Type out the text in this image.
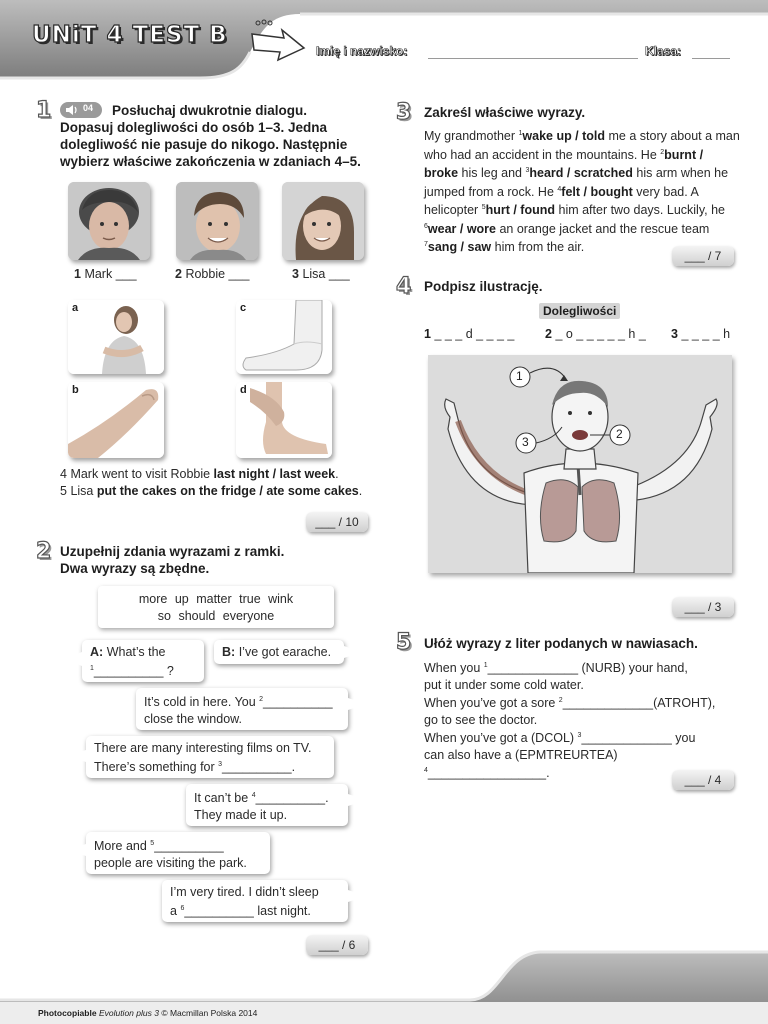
UNiT 4 TEST B
Imię i nazwisko:	Klasa:
1	04 Posłuchaj dwukrotnie dialogu.
Dopasuj dolegliwości do osób 1–3. Jedna
dolegliwość nie pasuje do nikogo. Następnie
wybierz właściwe zakończenia w zdaniach 4–5.
1 Mark ___	2 Robbie ___	3 Lisa ___
a	c
b	d
4 Mark went to visit Robbie last night / last week.
5 Lisa put the cakes on the fridge / ate some cakes.
___ / 10
2 Uzupełnij zdania wyrazami z ramki.
Dwa wyrazy są zbędne.
more up matter true wink
so should everyone
A: What’s the
$^1$__________ ?
B: I’ve got earache.
It’s cold in here. You $^2$__________
close the window.
There are many interesting films on TV.
There’s something for $^3$__________.
It can’t be $^4$__________.
They made it up.
More and $^5$__________
people are visiting the park.
I’m very tired. I didn’t sleep
a $^6$__________ last night.
___ / 6
3 Zakreśl właściwe wyrazy.
My grandmother $^1$wake up / told me a story about a man who had an accident in the mountains. He $^2$burnt / broke his leg and $^3$heard / scratched his arm when he jumped from a rock. He $^4$felt / bought very bad. A helicopter $^5$hurt / found him after two days. Luckily, he $^6$wear / wore an orange jacket and the rescue team $^7$sang / saw him from the air.
___ / 7
4 Podpisz ilustrację.
Dolegliwości
1 _ _ _ d _ _ _ _ 2 _ o _ _ _ _ _ h _ 3 _ _ _ _ h
1
2
3
___ / 3
5 Ułóż wyrazy z liter podanych w nawiasach.
When you $^1$_____________ (NURB) your hand,
put it under some cold water.
When you’ve got a sore $^2$_____________(ATROHT),
go to see the doctor.
When you’ve got a (DCOL) $^3$_____________ you
can also have a (EPMTREURTEA) $^4$_________________.	___ / 4
Photocopiable Evolution plus 3 © Macmillan Polska 2014
